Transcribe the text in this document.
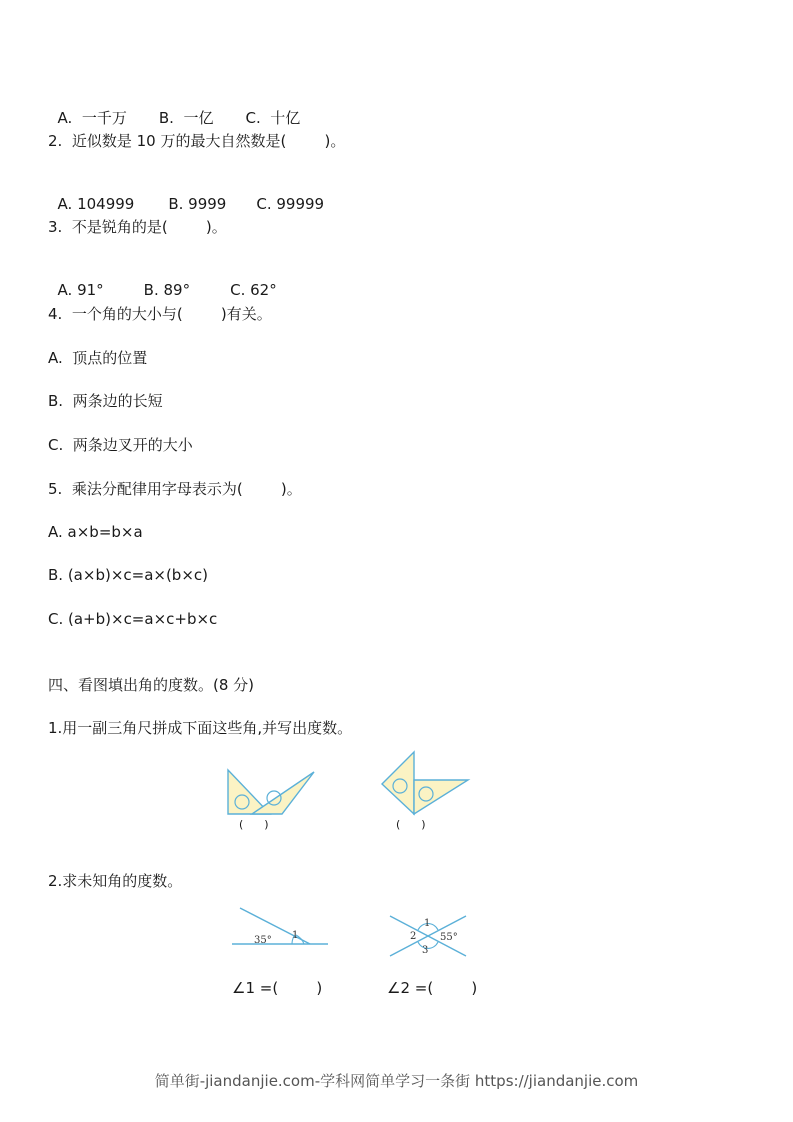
A.  一千万 B.  一亿 C.  十亿

2.  近似数是 10 万的最大自然数是(        )。

A. 104999 B. 9999 C. 99999

3.  不是锐角的是(        )。

A. 91°	B. 89°	C. 62°

4.  一个角的大小与(        )有关。
A.  顶点的位置
B.  两条边的长短
C.  两条边叉开的大小
5.  乘法分配律用字母表示为(        )。
A. a×b=b×a
B. (a×b)×c=a×(b×c)
C. (a+b)×c=a×c+b×c
四、看图填出角的度数。(8 分)
1.用一副三角尺拼成下面这些角,并写出度数。
(      )	(      )
2.求未知角的度数。
35° 1
1
2
3
55°
∠1 =(        )	∠2 =(        )
简单街-jiandanjie.com-学科网简单学习一条街 https://jiandanjie.com
